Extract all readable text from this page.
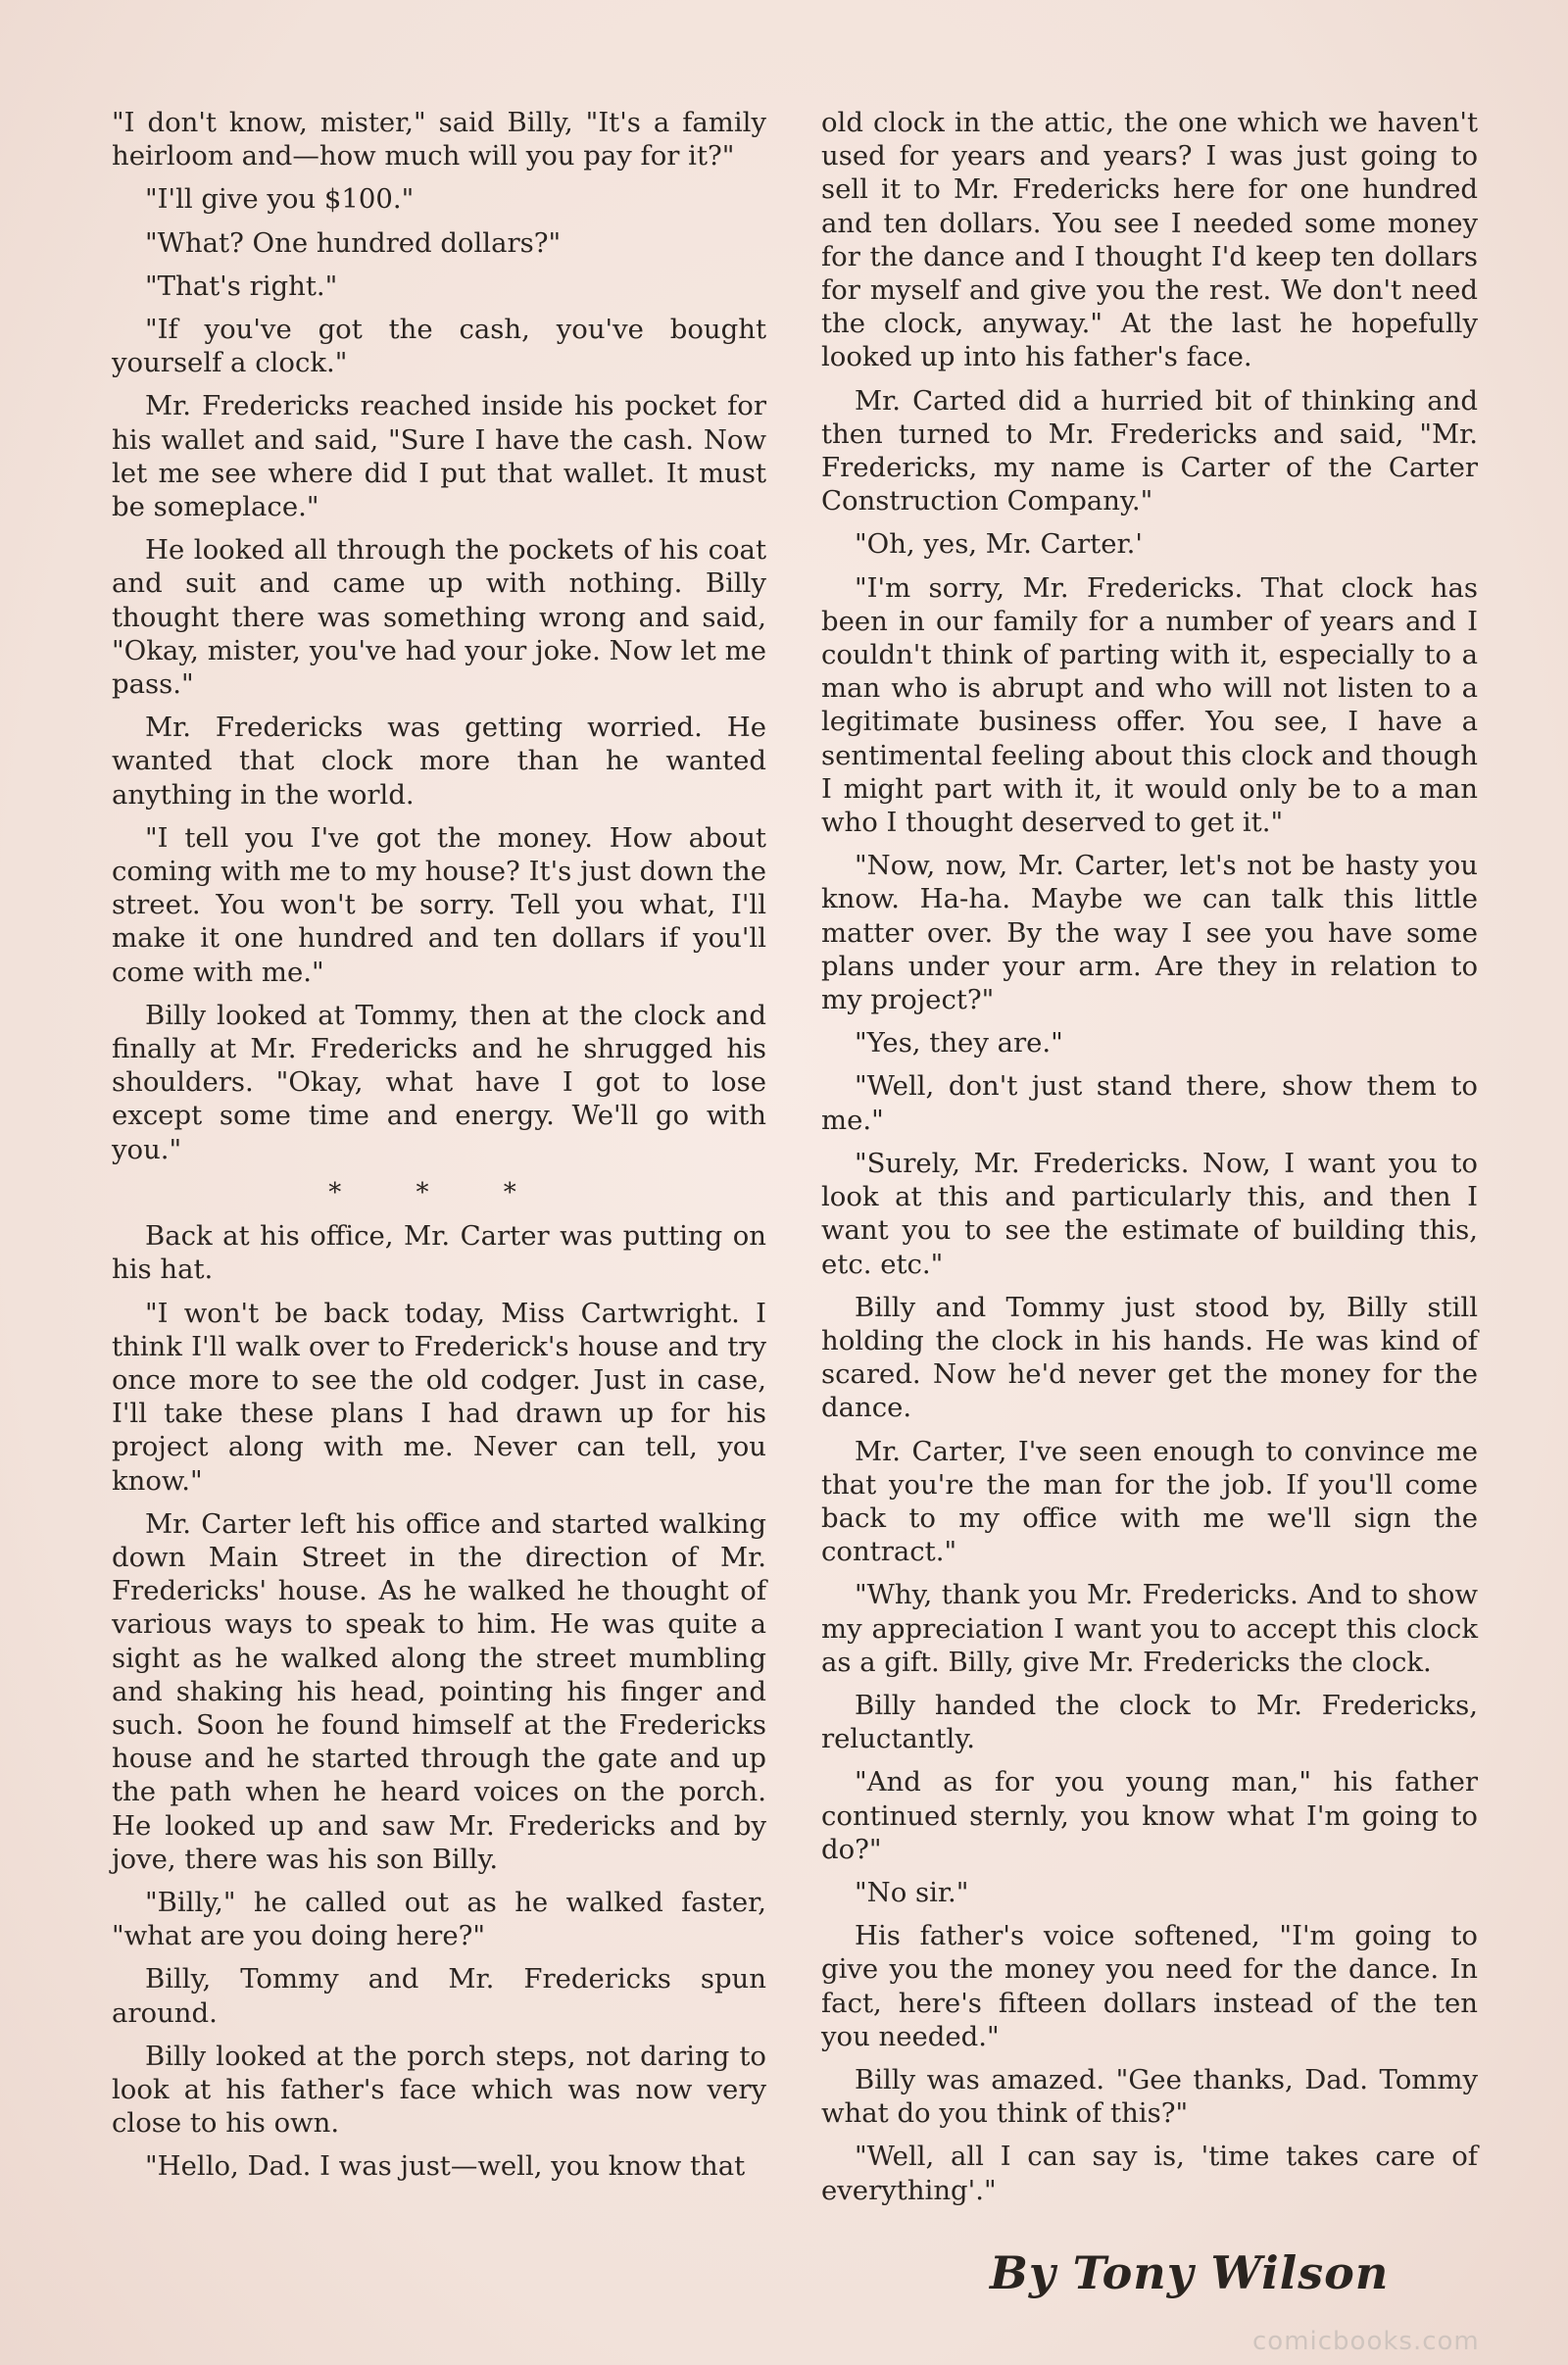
"I don't know, mister," said Billy, "It's a family heirloom and—how much will you pay for it?"

"I'll give you $100."

"What? One hundred dollars?"

"That's right."

"If you've got the cash, you've bought yourself a clock."

Mr. Fredericks reached inside his pocket for his wallet and said, "Sure I have the cash. Now let me see where did I put that wallet. It must be someplace."

He looked all through the pockets of his coat and suit and came up with nothing. Billy thought there was something wrong and said, "Okay, mister, you've had your joke. Now let me pass."

Mr. Fredericks was getting worried. He wanted that clock more than he wanted anything in the world.

"I tell you I've got the money. How about coming with me to my house? It's just down the street. You won't be sorry. Tell you what, I'll make it one hundred and ten dollars if you'll come with me."

Billy looked at Tommy, then at the clock and finally at Mr. Fredericks and he shrugged his shoulders. "Okay, what have I got to lose except some time and energy. We'll go with you."

* * *

Back at his office, Mr. Carter was putting on his hat.

"I won't be back today, Miss Cartwright. I think I'll walk over to Frederick's house and try once more to see the old codger. Just in case, I'll take these plans I had drawn up for his project along with me. Never can tell, you know."

Mr. Carter left his office and started walking down Main Street in the direction of Mr. Fredericks' house. As he walked he thought of various ways to speak to him. He was quite a sight as he walked along the street mumbling and shaking his head, pointing his finger and such. Soon he found himself at the Fredericks house and he started through the gate and up the path when he heard voices on the porch. He looked up and saw Mr. Fredericks and by jove, there was his son Billy.

"Billy," he called out as he walked faster, "what are you doing here?"

Billy, Tommy and Mr. Fredericks spun around.

Billy looked at the porch steps, not daring to look at his father's face which was now very close to his own.

"Hello, Dad. I was just—well, you know that

old clock in the attic, the one which we haven't used for years and years? I was just going to sell it to Mr. Fredericks here for one hundred and ten dollars. You see I needed some money for the dance and I thought I'd keep ten dollars for myself and give you the rest. We don't need the clock, anyway." At the last he hopefully looked up into his father's face.

Mr. Carted did a hurried bit of thinking and then turned to Mr. Fredericks and said, "Mr. Fredericks, my name is Carter of the Carter Construction Company."

"Oh, yes, Mr. Carter.'

"I'm sorry, Mr. Fredericks. That clock has been in our family for a number of years and I couldn't think of parting with it, especially to a man who is abrupt and who will not listen to a legitimate business offer. You see, I have a sentimental feeling about this clock and though I might part with it, it would only be to a man who I thought deserved to get it."

"Now, now, Mr. Carter, let's not be hasty you know. Ha-ha. Maybe we can talk this little matter over. By the way I see you have some plans under your arm. Are they in relation to my project?"

"Yes, they are."

"Well, don't just stand there, show them to me."

"Surely, Mr. Fredericks. Now, I want you to look at this and particularly this, and then I want you to see the estimate of building this, etc. etc."

Billy and Tommy just stood by, Billy still holding the clock in his hands. He was kind of scared. Now he'd never get the money for the dance.

Mr. Carter, I've seen enough to convince me that you're the man for the job. If you'll come back to my office with me we'll sign the contract."

"Why, thank you Mr. Fredericks. And to show my appreciation I want you to accept this clock as a gift. Billy, give Mr. Fredericks the clock.

Billy handed the clock to Mr. Fredericks, reluctantly.

"And as for you young man," his father continued sternly, you know what I'm going to do?"

"No sir."

His father's voice softened, "I'm going to give you the money you need for the dance. In fact, here's fifteen dollars instead of the ten you needed."

Billy was amazed. "Gee thanks, Dad. Tommy what do you think of this?"

"Well, all I can say is, 'time takes care of everything'."

By Tony Wilson
comicbooks.com
